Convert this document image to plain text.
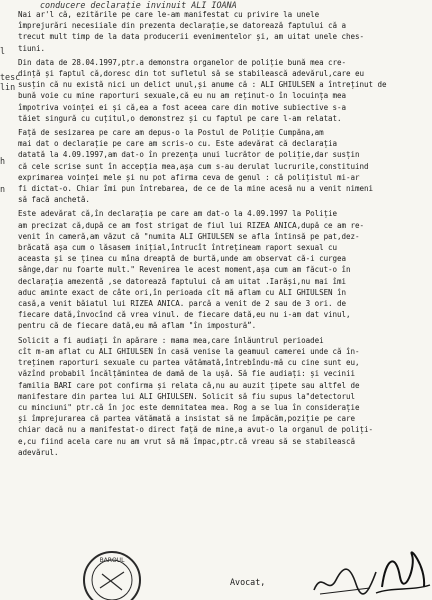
conducere declarație invinuit ALI IOANA
l
tesc
lin
h
n
Nai ar'l că, ezitările pe care le-am manifestat cu privire la unele
împrejurări necesiiale din prezenta declarație,se datorează faptului că a
trecut mult timp de la data producerii evenimentelor și, am uitat unele ches-
tiuni.
Din data de 28.04.1997,ptr.a demonstra organelor de poliție bună mea cre-
dință și faptul că,doresc din tot sufletul să se stabilească adevărul,care eu
susțin că nu există nici un delict unul,și anume că : ALI GHIULSEN a întreținut de
bună voie cu mine raporturi sexuale,că eu nu am reținut-o în locuința mea
împotriva voinței ei și că,ea a fost aceea care din motive subiective s-a
tăiet singură cu cuțitul,o demonstrez și cu faptul pe care l-am relatat.
Față de sesizarea pe care am depus-o la Postul de Poliție Cumpăna,am
mai dat o declarație pe care am scris-o cu. Este adevărat că declarația
datată la 4.09.1997,am dat-o în prezența unui lucrător de poliție,dar susțin
că cele scrise sunt în accepția mea,așa cum s-au derulat lucrurile,constituind
exprimarea voinței mele și nu pot afirma ceva de genul : că polițistul mi-ar
fi dictat-o. Chiar îmi pun întrebarea, de ce de la mine acesă nu a venit nimeni
să facă anchetă.
Este adevărat că,în declarația pe care am dat-o la 4.09.1997 la Poliție
am precizat că,după ce am fost strigat de fiul lui RIZEA ANICA,după ce am re-
venit în cameră,am văzut că "numita ALI GHIULSEN se afla întinsă pe pat,dez-
brăcată așa cum o lăsasem inițial,întrucît întrețineam raport sexual cu
aceasta și se ținea cu mîna dreaptă de burtă,unde am observat că-i curgea
sânge,dar nu foarte mult." Revenirea le acest moment,așa cum am făcut-o în
declarația amezentă ,se datorează faptului că am uitat .Iarăși,nu mai îmi
aduc aminte exact de câte ori,în perioada cît mă aflam cu ALI GHIULSEN în
casă,a venit băiatul lui RIZEA ANICA. parcă a venit de 2 sau de 3 ori. de
fiecare dată,învocînd că vrea vinul. de fiecare dată,eu nu i-am dat vinul,
pentru că de fiecare dată,eu mă aflam "în imposturăˮ.
Solicit a fi audiați în apărare : mama mea,care înlăuntrul perioadei
cît m-am aflat cu ALI GHIULSEN în casă venise la geamuul camerei unde că în-
treținem raporturi sexuale cu partea vătămată,întrebîndu-mă cu cine sunt eu,
văzînd probabil încălțămintea de damă de la ușă. Să fie audiați: și vecinii
familia BARI care pot confirma și relata că,nu au auzit țipete sau altfel de
manifestare din partea lui ALI GHIULSEN. Solicit să fiu supus la"detectorul
cu minciuni" ptr.că în joc este demnitatea mea. Rog a se lua în considerație
și împrejurarea că partea vătămată a insistat să ne împăcăm,poziție pe care
chiar dacă nu a manifestat-o direct față de mine,a avut-o la organul de poliți-
e,cu fiind acela care nu am vrut să mă împac,ptr.că vreau să se stabilească
adevărul.
BAROUL
Avocat,
